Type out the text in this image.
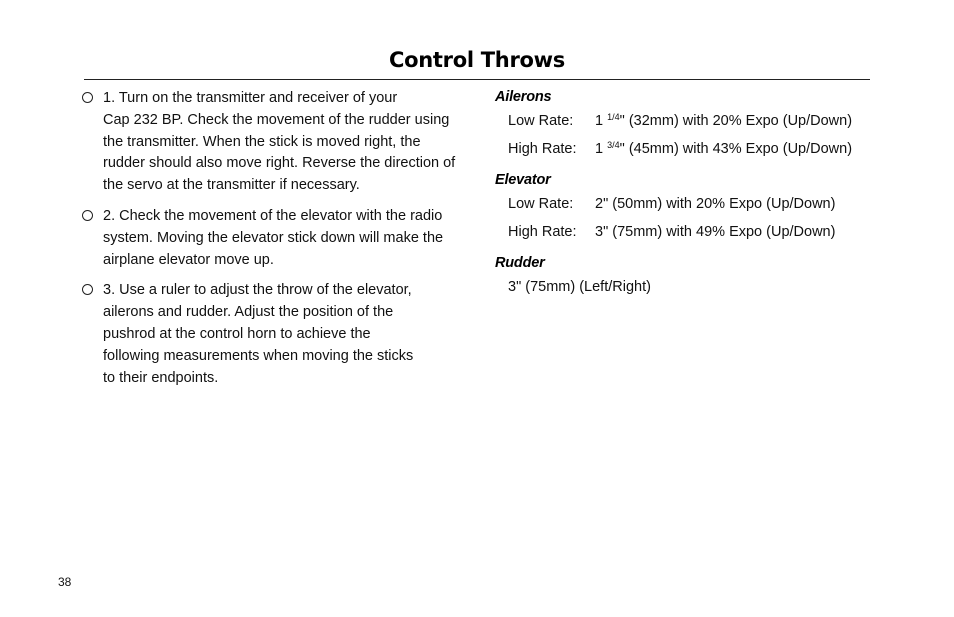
Control Throws
1. Turn on the transmitter and receiver of your
Cap 232 BP. Check the movement of the rudder using
the transmitter. When the stick is moved right, the
rudder should also move right. Reverse the direction of
the servo at the transmitter if necessary.
2. Check the movement of the elevator with the radio
system. Moving the elevator stick down will make the
airplane elevator move up.
3. Use a ruler to adjust the throw of the elevator,
ailerons and rudder. Adjust the position of the
pushrod at the control horn to achieve the
following measurements when moving the sticks
to their endpoints.
Ailerons
Low Rate: 1 $^{1/4}$" (32mm) with 20% Expo (Up/Down)
High Rate: 1 $^{3/4}$" (45mm) with 43% Expo (Up/Down)
Elevator
Low Rate: 2" (50mm) with 20% Expo (Up/Down)
High Rate: 3" (75mm) with 49% Expo (Up/Down)
Rudder
3" (75mm) (Left/Right)
38
